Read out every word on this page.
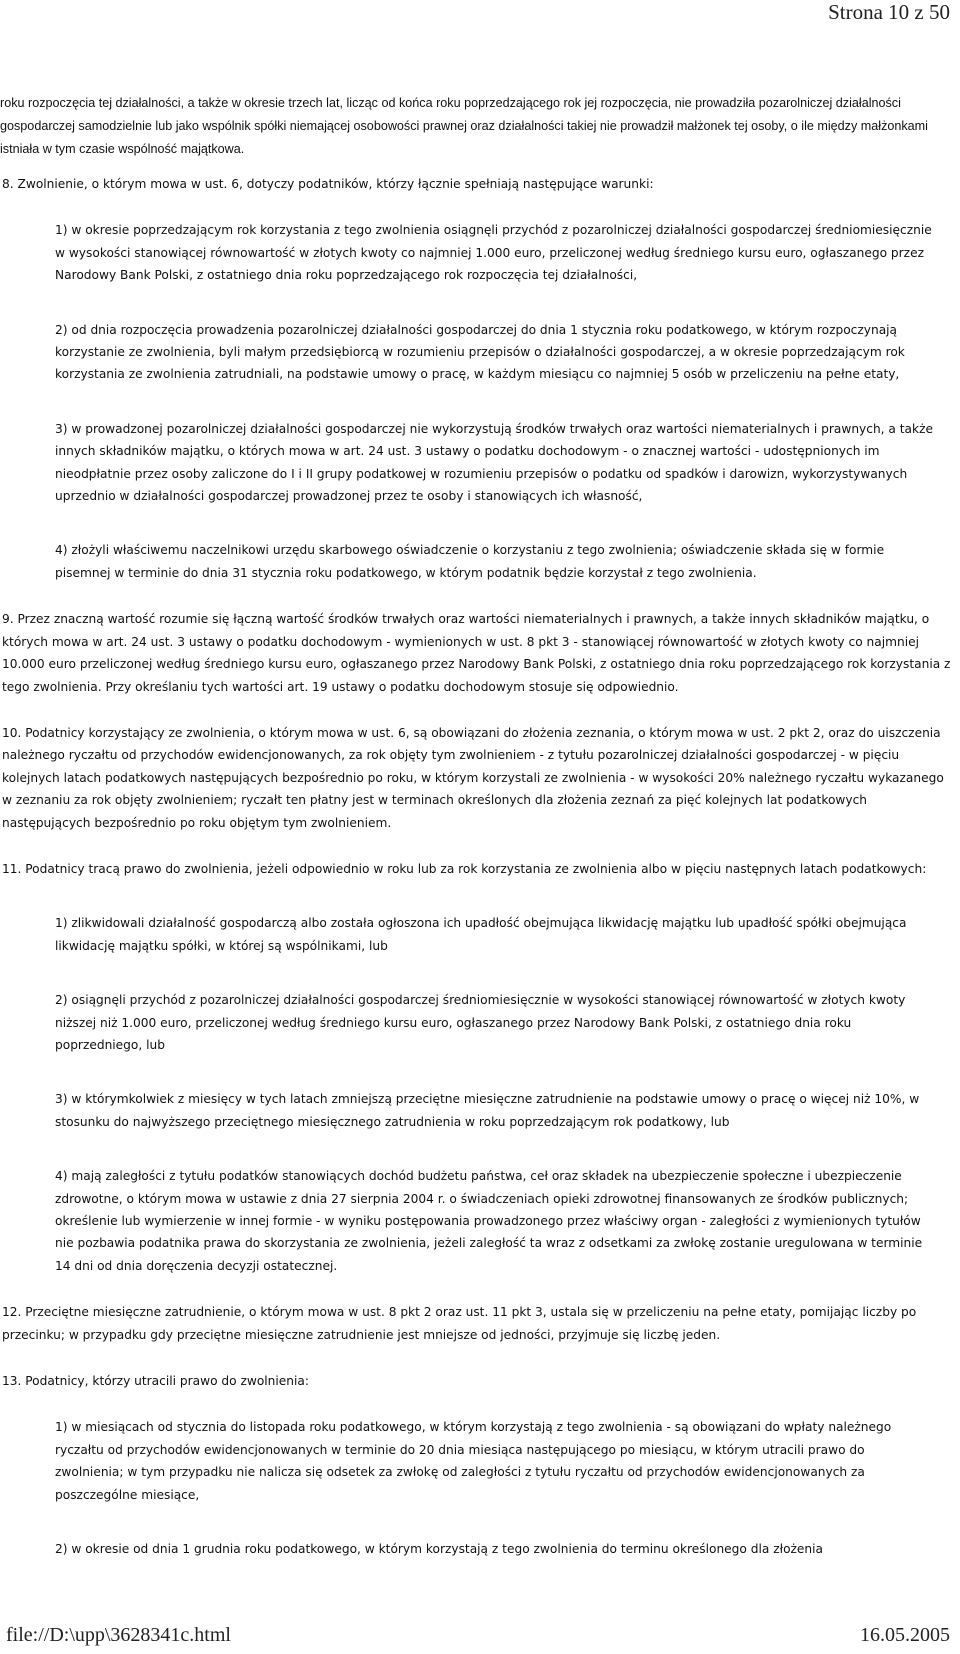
Strona 10 z 50

roku rozpoczęcia tej działalności, a także w okresie trzech lat, licząc od końca roku poprzedzającego rok jej rozpoczęcia, nie prowadziła pozarolniczej działalności gospodarczej samodzielnie lub jako wspólnik spółki niemającej osobowości prawnej oraz działalności takiej nie prowadził małżonek tej osoby, o ile między małżonkami istniała w tym czasie wspólność majątkowa.

8. Zwolnienie, o którym mowa w ust. 6, dotyczy podatników, którzy łącznie spełniają następujące warunki:

1) w okresie poprzedzającym rok korzystania z tego zwolnienia osiągnęli przychód z pozarolniczej działalności gospodarczej średniomiesięcznie w wysokości stanowiącej równowartość w złotych kwoty co najmniej 1.000 euro, przeliczonej według średniego kursu euro, ogłaszanego przez Narodowy Bank Polski, z ostatniego dnia roku poprzedzającego rok rozpoczęcia tej działalności,

2) od dnia rozpoczęcia prowadzenia pozarolniczej działalności gospodarczej do dnia 1 stycznia roku podatkowego, w którym rozpoczynają korzystanie ze zwolnienia, byli małym przedsiębiorcą w rozumieniu przepisów o działalności gospodarczej, a w okresie poprzedzającym rok korzystania ze zwolnienia zatrudniali, na podstawie umowy o pracę, w każdym miesiącu co najmniej 5 osób w przeliczeniu na pełne etaty,

3) w prowadzonej pozarolniczej działalności gospodarczej nie wykorzystują środków trwałych oraz wartości niematerialnych i prawnych, a także innych składników majątku, o których mowa w art. 24 ust. 3 ustawy o podatku dochodowym - o znacznej wartości - udostępnionych im nieodpłatnie przez osoby zaliczone do I i II grupy podatkowej w rozumieniu przepisów o podatku od spadków i darowizn, wykorzystywanych uprzednio w działalności gospodarczej prowadzonej przez te osoby i stanowiących ich własność,

4) złożyli właściwemu naczelnikowi urzędu skarbowego oświadczenie o korzystaniu z tego zwolnienia; oświadczenie składa się w formie pisemnej w terminie do dnia 31 stycznia roku podatkowego, w którym podatnik będzie korzystał z tego zwolnienia.

9. Przez znaczną wartość rozumie się łączną wartość środków trwałych oraz wartości niematerialnych i prawnych, a także innych składników majątku, o których mowa w art. 24 ust. 3 ustawy o podatku dochodowym - wymienionych w ust. 8 pkt 3 - stanowiącej równowartość w złotych kwoty co najmniej 10.000 euro przeliczonej według średniego kursu euro, ogłaszanego przez Narodowy Bank Polski, z ostatniego dnia roku poprzedzającego rok korzystania z tego zwolnienia. Przy określaniu tych wartości art. 19 ustawy o podatku dochodowym stosuje się odpowiednio.

10. Podatnicy korzystający ze zwolnienia, o którym mowa w ust. 6, są obowiązani do złożenia zeznania, o którym mowa w ust. 2 pkt 2, oraz do uiszczenia należnego ryczałtu od przychodów ewidencjonowanych, za rok objęty tym zwolnieniem - z tytułu pozarolniczej działalności gospodarczej - w pięciu kolejnych latach podatkowych następujących bezpośrednio po roku, w którym korzystali ze zwolnienia - w wysokości 20% należnego ryczałtu wykazanego w zeznaniu za rok objęty zwolnieniem; ryczałt ten płatny jest w terminach określonych dla złożenia zeznań za pięć kolejnych lat podatkowych następujących bezpośrednio po roku objętym tym zwolnieniem.

11. Podatnicy tracą prawo do zwolnienia, jeżeli odpowiednio w roku lub za rok korzystania ze zwolnienia albo w pięciu następnych latach podatkowych:

1) zlikwidowali działalność gospodarczą albo została ogłoszona ich upadłość obejmująca likwidację majątku lub upadłość spółki obejmująca likwidację majątku spółki, w której są wspólnikami, lub

2) osiągnęli przychód z pozarolniczej działalności gospodarczej średniomiesięcznie w wysokości stanowiącej równowartość w złotych kwoty niższej niż 1.000 euro, przeliczonej według średniego kursu euro, ogłaszanego przez Narodowy Bank Polski, z ostatniego dnia roku poprzedniego, lub

3) w którymkolwiek z miesięcy w tych latach zmniejszą przeciętne miesięczne zatrudnienie na podstawie umowy o pracę o więcej niż 10%, w stosunku do najwyższego przeciętnego miesięcznego zatrudnienia w roku poprzedzającym rok podatkowy, lub

4) mają zaległości z tytułu podatków stanowiących dochód budżetu państwa, ceł oraz składek na ubezpieczenie społeczne i ubezpieczenie zdrowotne, o którym mowa w ustawie z dnia 27 sierpnia 2004 r. o świadczeniach opieki zdrowotnej finansowanych ze środków publicznych; określenie lub wymierzenie w innej formie - w wyniku postępowania prowadzonego przez właściwy organ - zaległości z wymienionych tytułów nie pozbawia podatnika prawa do skorzystania ze zwolnienia, jeżeli zaległość ta wraz z odsetkami za zwłokę zostanie uregulowana w terminie 14 dni od dnia doręczenia decyzji ostatecznej.

12. Przeciętne miesięczne zatrudnienie, o którym mowa w ust. 8 pkt 2 oraz ust. 11 pkt 3, ustala się w przeliczeniu na pełne etaty, pomijając liczby po przecinku; w przypadku gdy przeciętne miesięczne zatrudnienie jest mniejsze od jedności, przyjmuje się liczbę jeden.

13. Podatnicy, którzy utracili prawo do zwolnienia:

1) w miesiącach od stycznia do listopada roku podatkowego, w którym korzystają z tego zwolnienia - są obowiązani do wpłaty należnego ryczałtu od przychodów ewidencjonowanych w terminie do 20 dnia miesiąca następującego po miesiącu, w którym utracili prawo do zwolnienia; w tym przypadku nie nalicza się odsetek za zwłokę od zaległości z tytułu ryczałtu od przychodów ewidencjonowanych za poszczególne miesiące,

2) w okresie od dnia 1 grudnia roku podatkowego, w którym korzystają z tego zwolnienia do terminu określonego dla złożenia

file://D:\upp\3628341c.html	16.05.2005
